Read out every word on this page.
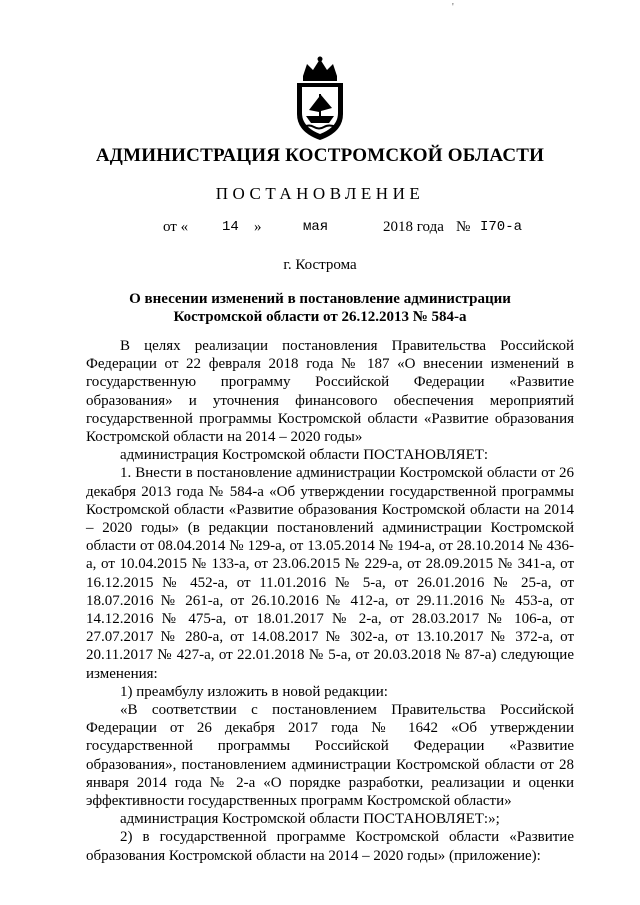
'
АДМИНИСТРАЦИЯ КОСТРОМСКОЙ ОБЛАСТИ
ПОСТАНОВЛЕНИЕ
от « 14 »	мая	2018 года № I70-а
г. Кострома
О внесении изменений в постановление администрации
Костромской области от 26.12.2013 № 584-а

В целях реализации постановления Правительства Российской Федерации от 22 февраля 2018 года № 187 «О внесении изменений в государственную программу Российской Федерации «Развитие образования» и уточнения финансового обеспечения мероприятий государственной программы Костромской области «Развитие образования Костромской области на 2014 – 2020 годы»

администрация Костромской области ПОСТАНОВЛЯЕТ:

1. Внести в постановление администрации Костромской области от 26 декабря 2013 года № 584-а «Об утверждении государственной программы Костромской области «Развитие образования Костромской области на 2014 – 2020 годы» (в редакции постановлений администрации Костромской области от 08.04.2014 № 129-а, от 13.05.2014 № 194-а, от 28.10.2014 № 436-а, от 10.04.2015 № 133-а, от 23.06.2015 № 229-а, от 28.09.2015 № 341-а, от 16.12.2015 № 452-а, от 11.01.2016 № 5-а, от 26.01.2016 № 25-а, от 18.07.2016 № 261-а, от 26.10.2016 № 412-а, от 29.11.2016 № 453-а, от 14.12.2016 № 475-а, от 18.01.2017 № 2-а, от 28.03.2017 № 106-а, от 27.07.2017 № 280-а, от 14.08.2017 № 302-а, от 13.10.2017 № 372-а, от 20.11.2017 № 427-а, от 22.01.2018 № 5-а, от 20.03.2018 № 87-а) следующие изменения:

1) преамбулу изложить в новой редакции:

«В соответствии с постановлением Правительства Российской Федерации от 26 декабря 2017 года № 1642 «Об утверждении государственной программы Российской Федерации «Развитие образования», постановлением администрации Костромской области от 28 января 2014 года № 2-а «О порядке разработки, реализации и оценки эффективности государственных программ Костромской области»

администрация Костромской области ПОСТАНОВЛЯЕТ:»;

2) в государственной программе Костромской области «Развитие образования Костромской области на 2014 – 2020 годы» (приложение):
